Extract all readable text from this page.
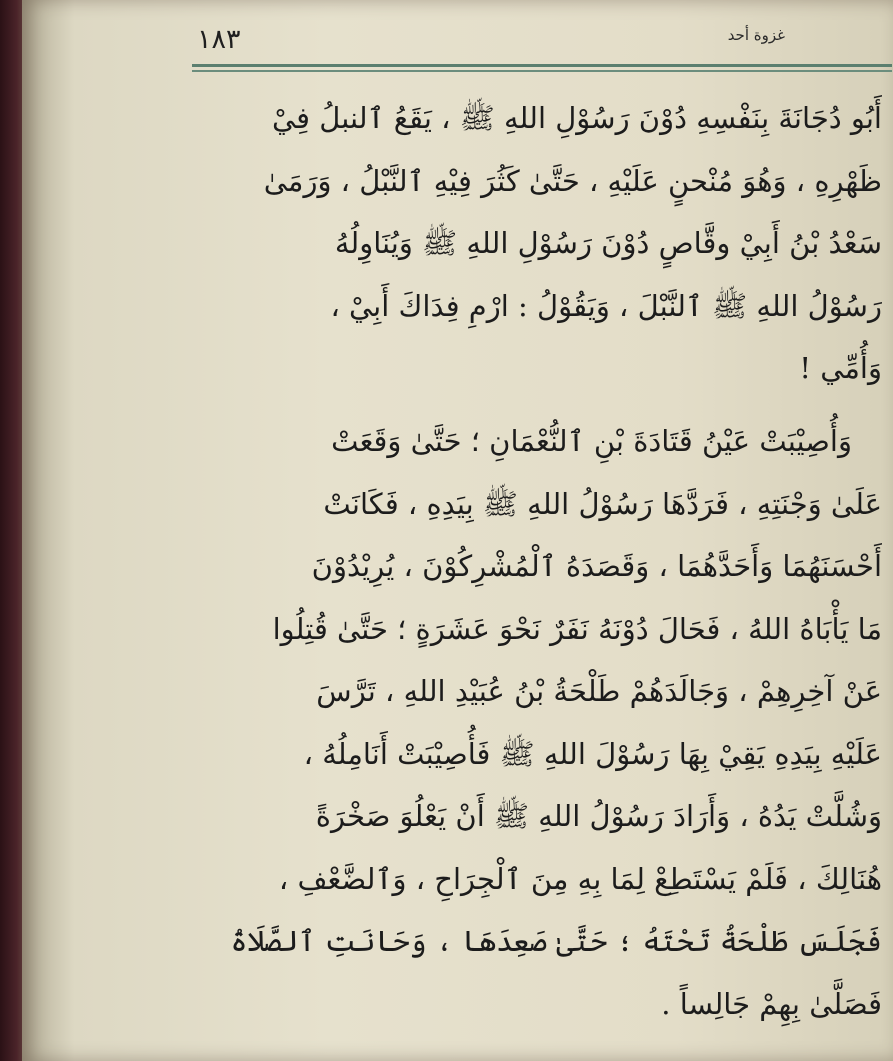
غزوة أحد
١٨٣

أَبُو دُجَانَةَ بِنَفْسِهِ دُوْنَ رَسُوْلِ اللهِ ﷺ ، يَقَعُ ٱلنبلُ فِيْ
ظَهْرِهِ ، وَهُوَ مُنْحنٍ عَلَيْهِ ، حَتَّىٰ كَثُرَ فِيْهِ ٱلنَّبْلُ ، وَرَمَىٰ
سَعْدُ بْنُ أَبِيْ وقَّاصٍ دُوْنَ رَسُوْلِ اللهِ ﷺ وَيُنَاوِلُهُ
رَسُوْلُ اللهِ ﷺ ٱلنَّبْلَ ، وَيَقُوْلُ : ارْمِ فِدَاكَ أَبِيْ ،
وَأُمِّي !

وَأُصِيْبَتْ عَيْنُ قَتَادَةَ بْنِ ٱلنُّعْمَانِ ؛ حَتَّىٰ وَقَعَتْ
عَلَىٰ وَجْنَتِهِ ، فَرَدَّهَا رَسُوْلُ اللهِ ﷺ بِيَدِهِ ، فَكَانَتْ
أَحْسَنَهُمَا وَأَحَدَّهُمَا ، وَقَصَدَهُ ٱلْمُشْرِكُوْنَ ، يُرِيْدُوْنَ
مَا يَأْبَاهُ اللهُ ، فَحَالَ دُوْنَهُ نَفَرٌ نَحْوَ عَشَرَةٍ ؛ حَتَّىٰ قُتِلُوا
عَنْ آخِرِهِمْ ، وَجَالَدَهُمْ طَلْحَةُ بْنُ عُبَيْدِ اللهِ ، تَرَّسَ
عَلَيْهِ بِيَدِهِ يَقِيْ بِهَا رَسُوْلَ اللهِ ﷺ فَأُصِيْبَتْ أَنَامِلُهُ ،
وَشُلَّتْ يَدُهُ ، وَأَرَادَ رَسُوْلُ اللهِ ﷺ أَنْ يَعْلُوَ صَخْرَةً
هُنَالِكَ ، فَلَمْ يَسْتَطِعْ لِمَا بِهِ مِنَ ٱلْجِرَاحِ ، وَٱلضَّعْفِ ،
فَجَلَسَ طَلْحَةُ تَحْتَهُ ؛ حَتَّىٰ صَعِدَهَا ، وَحَانَتِ ٱلصَّلَاةُ
فَصَلَّىٰ بِهِمْ جَالِساً .
